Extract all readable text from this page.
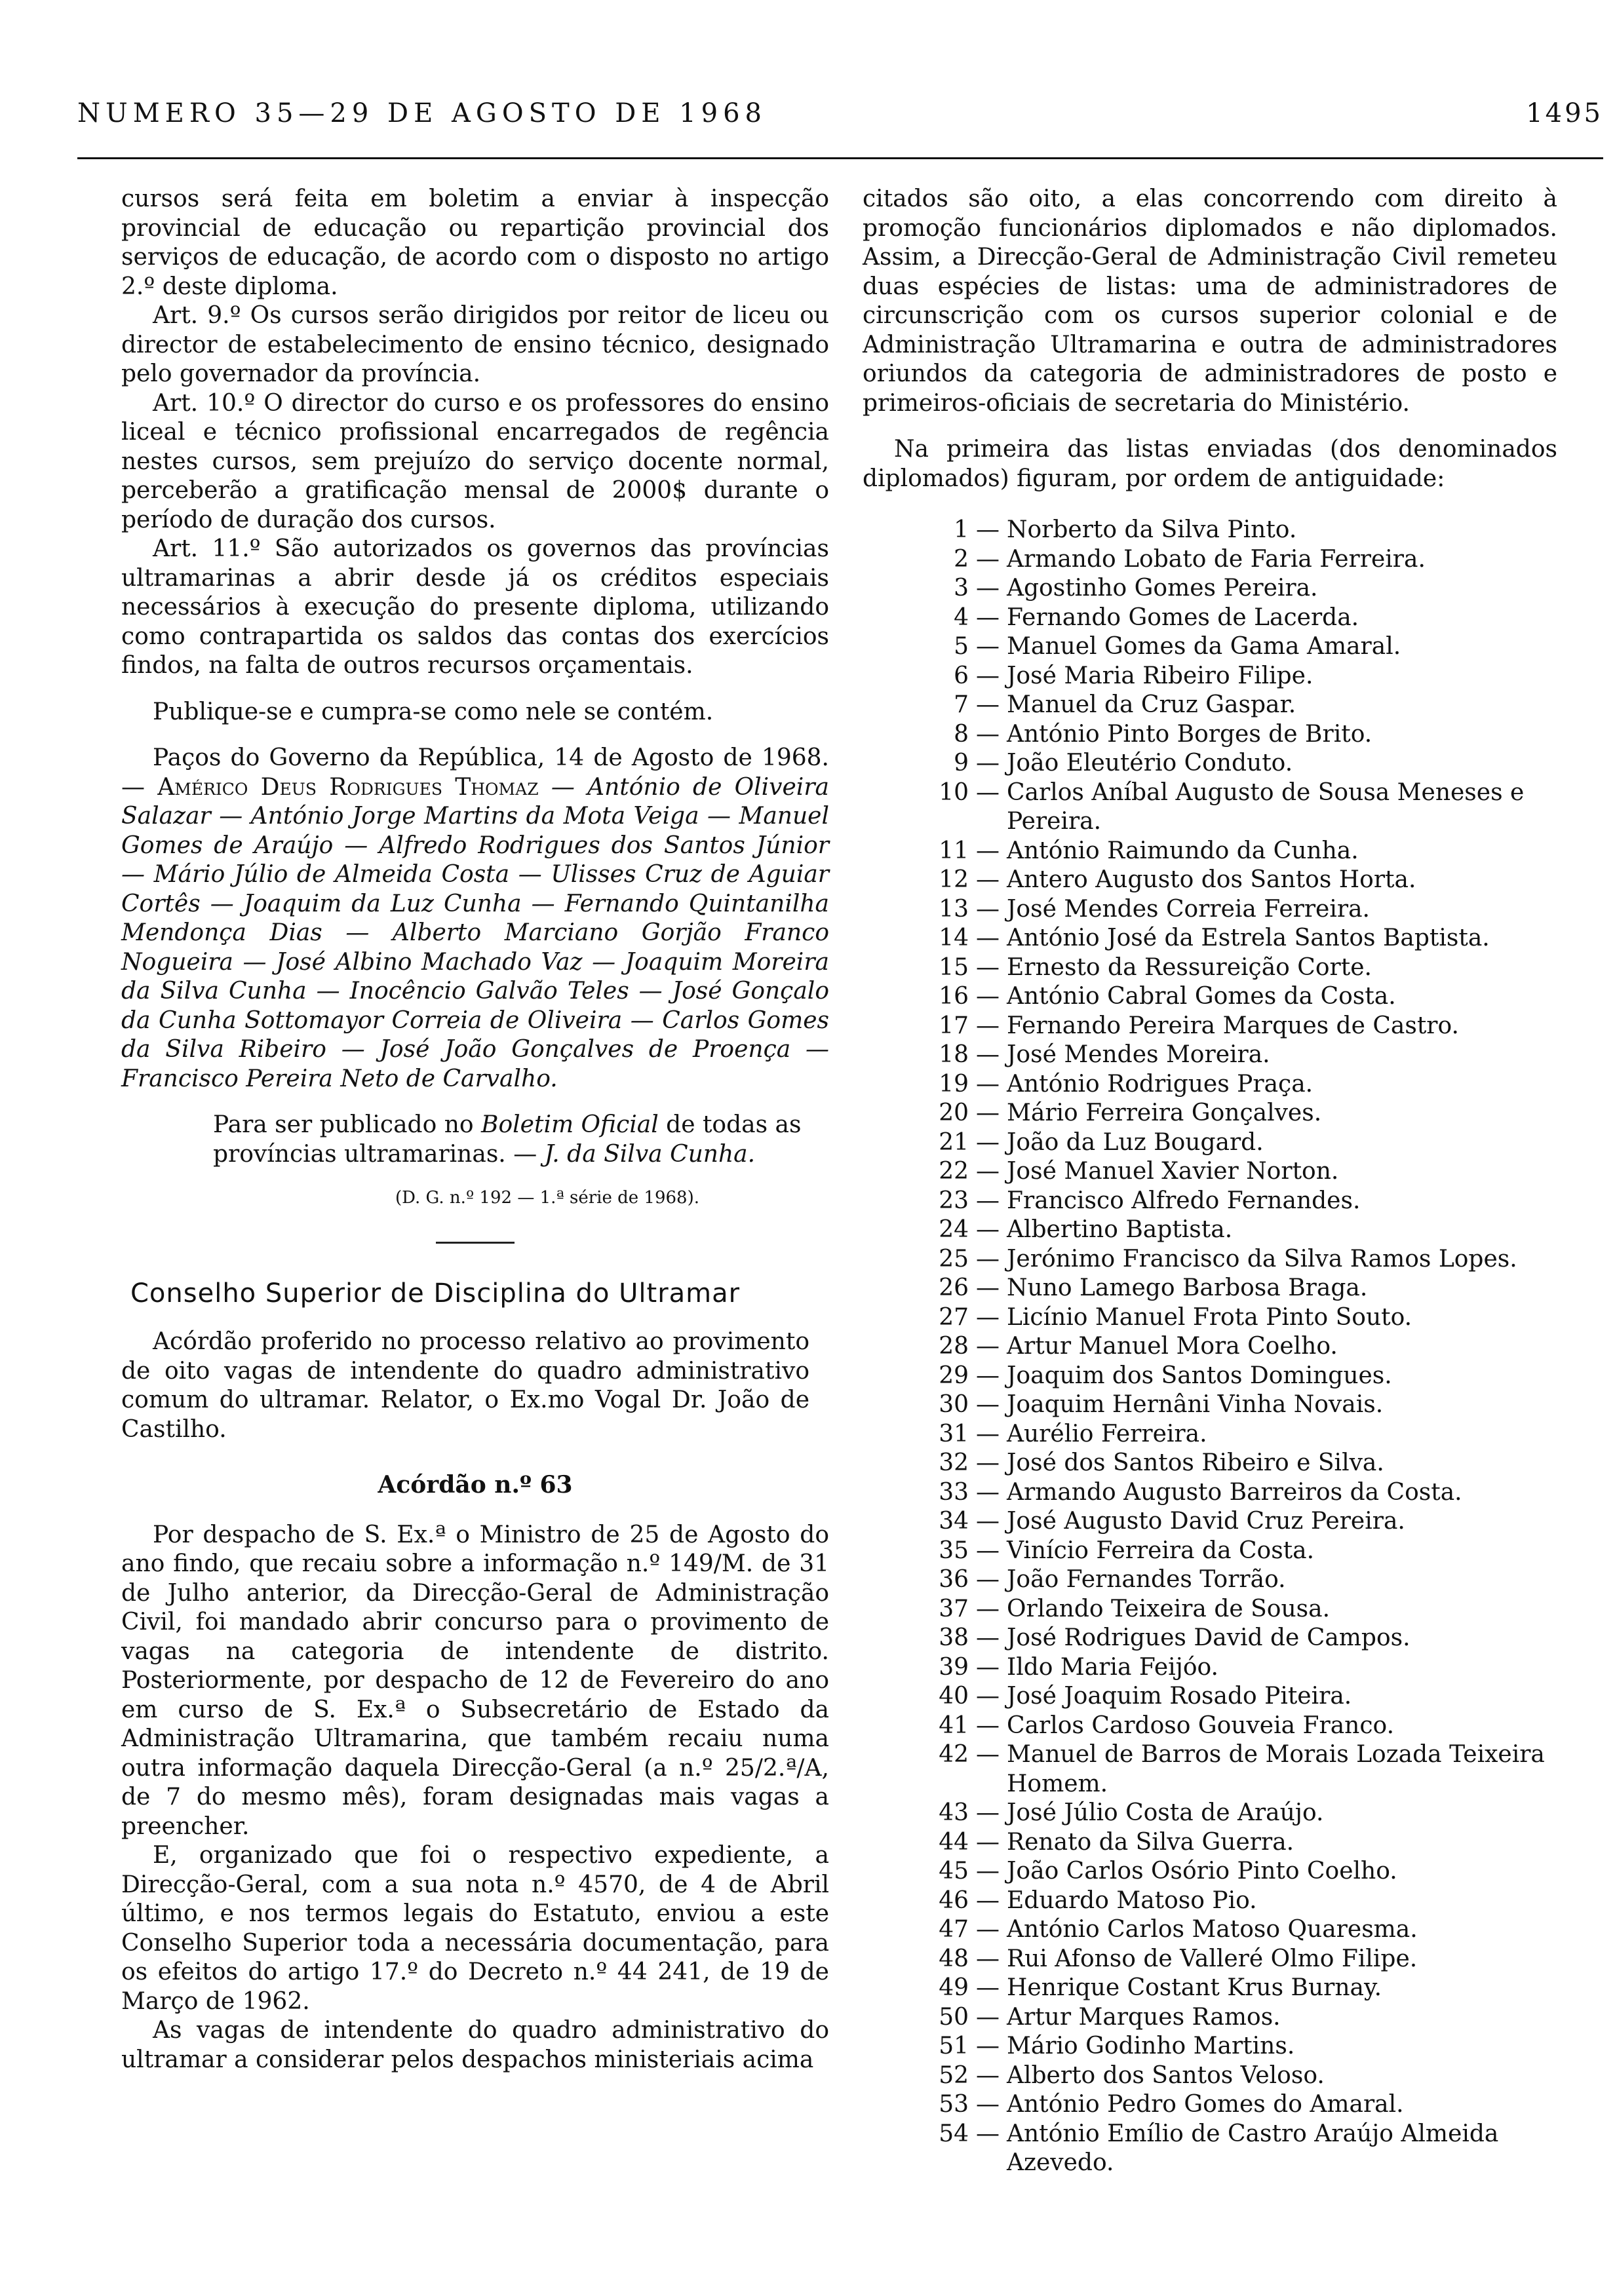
NUMERO 35—29 DE AGOSTO DE 1968	1495

cursos será feita em boletim a enviar à inspecção provincial de educação ou repartição provincial dos serviços de educação, de acordo com o disposto no artigo 2.º deste diploma.

Art. 9.º Os cursos serão dirigidos por reitor de liceu ou director de estabelecimento de ensino técnico, designado pelo governador da província.

Art. 10.º O director do curso e os professores do ensino liceal e técnico profissional encarregados de regência nestes cursos, sem prejuízo do serviço docente normal, perceberão a gratificação mensal de 2000$ durante o período de duração dos cursos.

Art. 11.º São autorizados os governos das províncias ultramarinas a abrir desde já os créditos especiais necessários à execução do presente diploma, utilizando como contrapartida os saldos das contas dos exercícios findos, na falta de outros recursos orçamentais.

Publique-se e cumpra-se como nele se contém.

Paços do Governo da República, 14 de Agosto de 1968. — Américo Deus Rodrigues Thomaz — António de Oliveira Salazar — António Jorge Martins da Mota Veiga — Manuel Gomes de Araújo — Alfredo Rodrigues dos Santos Júnior — Mário Júlio de Almeida Costa — Ulisses Cruz de Aguiar Cortês — Joaquim da Luz Cunha — Fernando Quintanilha Mendonça Dias — Alberto Marciano Gorjão Franco Nogueira — José Albino Machado Vaz — Joaquim Moreira da Silva Cunha — Inocêncio Galvão Teles — José Gonçalo da Cunha Sottomayor Correia de Oliveira — Carlos Gomes da Silva Ribeiro — José João Gonçalves de Proença — Francisco Pereira Neto de Carvalho.

Para ser publicado no Boletim Oficial de todas as províncias ultramarinas. — J. da Silva Cunha.

(D. G. n.º 192 — 1.ª série de 1968).
Conselho Superior de Disciplina do Ultramar

Acórdão proferido no processo relativo ao provimento de oito vagas de intendente do quadro administrativo comum do ultramar. Relator, o Ex.mo Vogal Dr. João de Castilho.

Acórdão n.º 63

Por despacho de S. Ex.ª o Ministro de 25 de Agosto do ano findo, que recaiu sobre a informação n.º 149/M. de 31 de Julho anterior, da Direcção-Geral de Administração Civil, foi mandado abrir concurso para o provimento de vagas na categoria de intendente de distrito. Posteriormente, por despacho de 12 de Fevereiro do ano em curso de S. Ex.ª o Subsecretário de Estado da Administração Ultramarina, que também recaiu numa outra informação daquela Direcção-Geral (a n.º 25/2.ª/A, de 7 do mesmo mês), foram designadas mais vagas a preencher.

E, organizado que foi o respectivo expediente, a Direcção-Geral, com a sua nota n.º 4570, de 4 de Abril último, e nos termos legais do Estatuto, enviou a este Conselho Superior toda a necessária documentação, para os efeitos do artigo 17.º do Decreto n.º 44 241, de 19 de Março de 1962.

As vagas de intendente do quadro administrativo do ultramar a considerar pelos despachos ministeriais acima

citados são oito, a elas concorrendo com direito à promoção funcionários diplomados e não diplomados. Assim, a Direcção-Geral de Administração Civil remeteu duas espécies de listas: uma de administradores de circunscrição com os cursos superior colonial e de Administração Ultramarina e outra de administradores oriundos da categoria de administradores de posto e primeiros-oficiais de secretaria do Ministério.

Na primeira das listas enviadas (dos denominados diplomados) figuram, por ordem de antiguidade:

1 — Norberto da Silva Pinto.
2 — Armando Lobato de Faria Ferreira.
3 — Agostinho Gomes Pereira.
4 — Fernando Gomes de Lacerda.
5 — Manuel Gomes da Gama Amaral.
6 — José Maria Ribeiro Filipe.
7 — Manuel da Cruz Gaspar.
8 — António Pinto Borges de Brito.
9 — João Eleutério Conduto.
10 — Carlos Aníbal Augusto de Sousa Meneses e Pereira.
11 — António Raimundo da Cunha.
12 — Antero Augusto dos Santos Horta.
13 — José Mendes Correia Ferreira.
14 — António José da Estrela Santos Baptista.
15 — Ernesto da Ressureição Corte.
16 — António Cabral Gomes da Costa.
17 — Fernando Pereira Marques de Castro.
18 — José Mendes Moreira.
19 — António Rodrigues Praça.
20 — Mário Ferreira Gonçalves.
21 — João da Luz Bougard.
22 — José Manuel Xavier Norton.
23 — Francisco Alfredo Fernandes.
24 — Albertino Baptista.
25 — Jerónimo Francisco da Silva Ramos Lopes.
26 — Nuno Lamego Barbosa Braga.
27 — Licínio Manuel Frota Pinto Souto.
28 — Artur Manuel Mora Coelho.
29 — Joaquim dos Santos Domingues.
30 — Joaquim Hernâni Vinha Novais.
31 — Aurélio Ferreira.
32 — José dos Santos Ribeiro e Silva.
33 — Armando Augusto Barreiros da Costa.
34 — José Augusto David Cruz Pereira.
35 — Vinício Ferreira da Costa.
36 — João Fernandes Torrão.
37 — Orlando Teixeira de Sousa.
38 — José Rodrigues David de Campos.
39 — Ildo Maria Feijóo.
40 — José Joaquim Rosado Piteira.
41 — Carlos Cardoso Gouveia Franco.
42 — Manuel de Barros de Morais Lozada Teixeira Homem.
43 — José Júlio Costa de Araújo.
44 — Renato da Silva Guerra.
45 — João Carlos Osório Pinto Coelho.
46 — Eduardo Matoso Pio.
47 — António Carlos Matoso Quaresma.
48 — Rui Afonso de Valleré Olmo Filipe.
49 — Henrique Costant Krus Burnay.
50 — Artur Marques Ramos.
51 — Mário Godinho Martins.
52 — Alberto dos Santos Veloso.
53 — António Pedro Gomes do Amaral.
54 — António Emílio de Castro Araújo Almeida Azevedo.
